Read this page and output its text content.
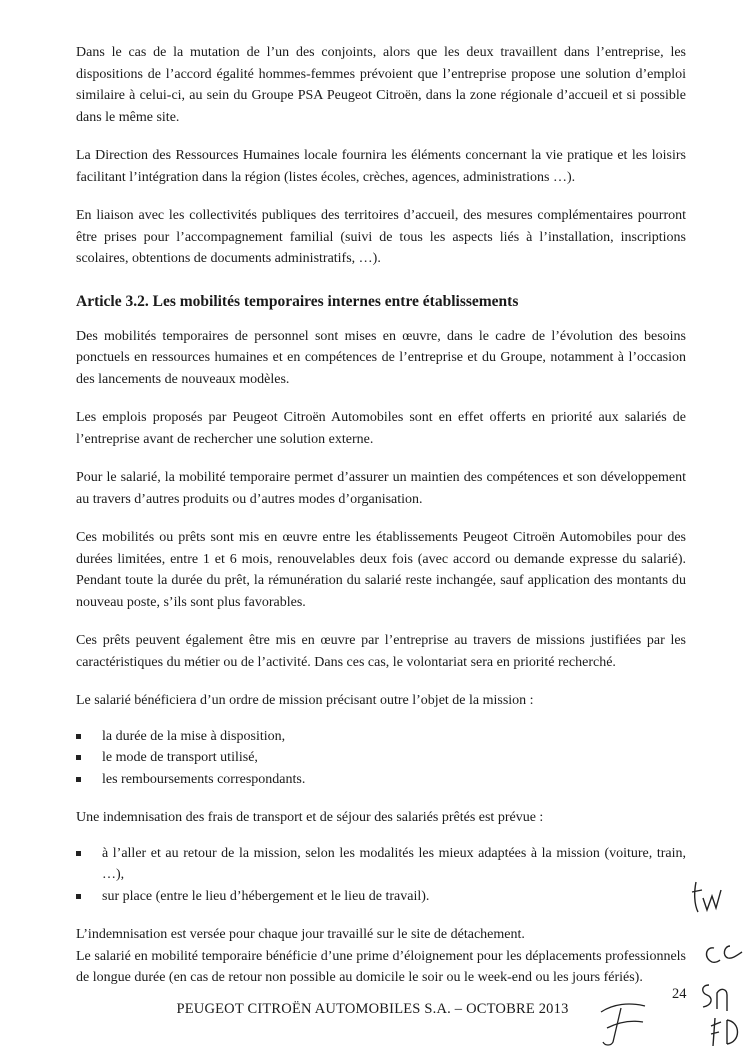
Dans le cas de la mutation de l’un des conjoints, alors que les deux travaillent dans l’entreprise, les dispositions de l’accord égalité hommes-femmes prévoient que l’entreprise propose une solution d’emploi similaire à celui-ci, au sein du Groupe PSA Peugeot Citroën, dans la zone régionale d’accueil et si possible dans le même site.

La Direction des Ressources Humaines locale fournira les éléments concernant la vie pratique et les loisirs facilitant l’intégration dans la région (listes écoles, crèches, agences, administrations …).

En liaison avec les collectivités publiques des territoires d’accueil, des mesures complémentaires pourront être prises pour l’accompagnement familial (suivi de tous les aspects liés à l’installation, inscriptions scolaires, obtentions de documents administratifs, …).

Article 3.2. Les mobilités temporaires internes entre établissements

Des mobilités temporaires de personnel sont mises en œuvre, dans le cadre de l’évolution des besoins ponctuels en ressources humaines et en compétences de l’entreprise et du Groupe, notamment à l’occasion des lancements de nouveaux modèles.

Les emplois proposés par Peugeot Citroën Automobiles sont en effet offerts en priorité aux salariés de l’entreprise avant de rechercher une solution externe.

Pour le salarié, la mobilité temporaire permet d’assurer un maintien des compétences et son développement au travers d’autres produits ou d’autres modes d’organisation.

Ces mobilités ou prêts sont mis en œuvre entre les établissements Peugeot Citroën Automobiles pour des durées limitées, entre 1 et 6 mois, renouvelables deux fois (avec accord ou demande expresse du salarié). Pendant toute la durée du prêt, la rémunération du salarié reste inchangée, sauf application des montants du nouveau poste, s’ils sont plus favorables.

Ces prêts peuvent également être mis en œuvre par l’entreprise au travers de missions justifiées par les caractéristiques du métier ou de l’activité. Dans ces cas, le volontariat sera en priorité recherché.

Le salarié bénéficiera d’un ordre de mission précisant outre l’objet de la mission :

la durée de la mise à disposition,
le mode de transport utilisé,
les remboursements correspondants.

Une indemnisation des frais de transport et de séjour des salariés prêtés est prévue :

à l’aller et au retour de la mission, selon les modalités les mieux adaptées à la mission (voiture, train, …),
sur place (entre le lieu d’hébergement et le lieu de travail).

L’indemnisation est versée pour chaque jour travaillé sur le site de détachement.

Le salarié en mobilité temporaire bénéficie d’une prime d’éloignement pour les déplacements professionnels de longue durée (en cas de retour non possible au domicile le soir ou le week-end ou les jours fériés).

24
PEUGEOT CITROËN AUTOMOBILES S.A. – OCTOBRE 2013
